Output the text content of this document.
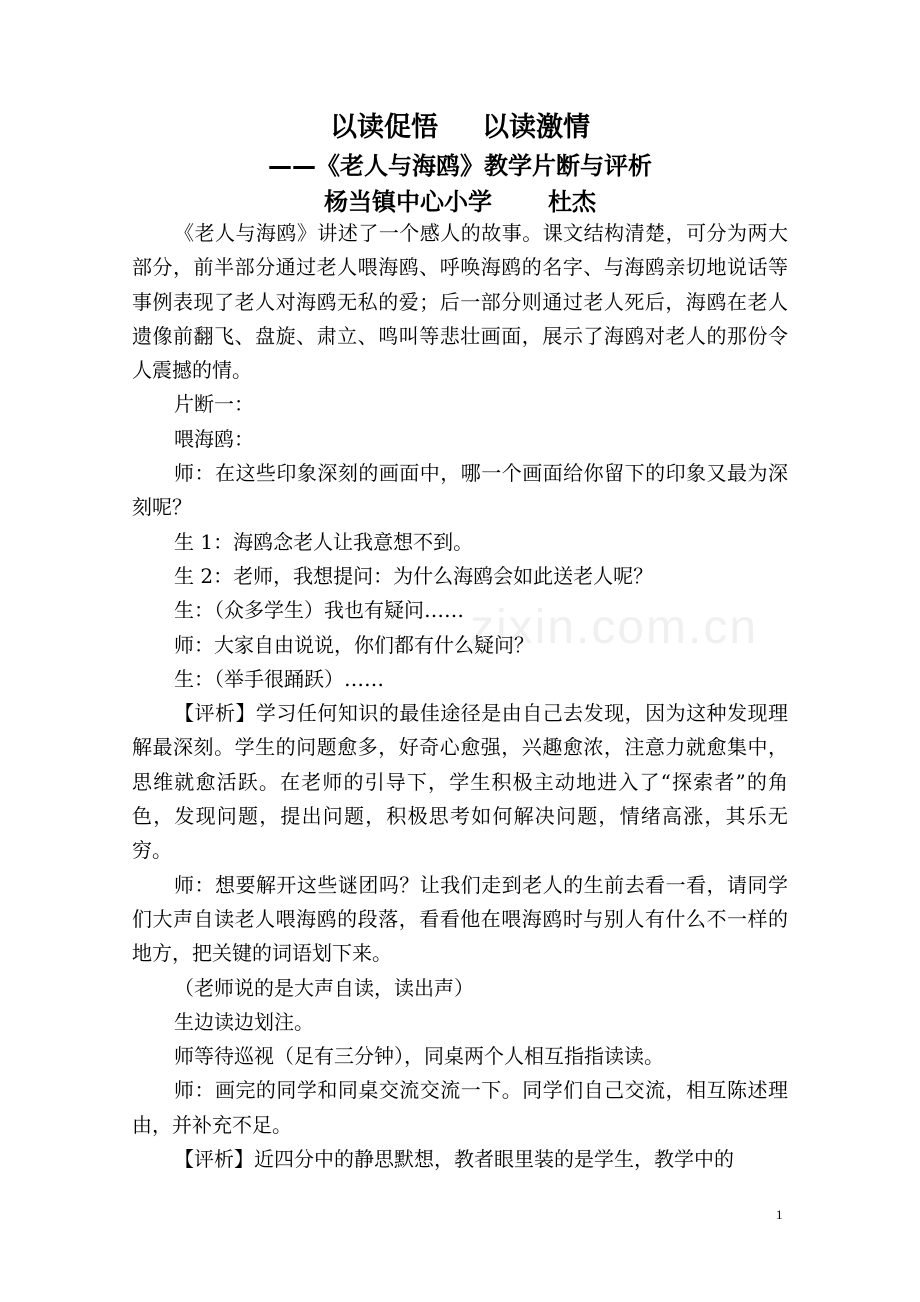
以读促悟 以读激情
——《老人与海鸥》教学片断与评析
杨当镇中心小学 杜杰

《老人与海鸥》讲述了一个感人的故事。课文结构清楚，可分为两大部分，前半部分通过老人喂海鸥、呼唤海鸥的名字、与海鸥亲切地说话等事例表现了老人对海鸥无私的爱；后一部分则通过老人死后，海鸥在老人遗像前翻飞、盘旋、肃立、鸣叫等悲壮画面，展示了海鸥对老人的那份令人震撼的情。

片断一：

喂海鸥：

师：在这些印象深刻的画面中，哪一个画面给你留下的印象又最为深刻呢？

生 1：海鸥念老人让我意想不到。

生 2：老师，我想提问：为什么海鸥会如此送老人呢？

生：（众多学生）我也有疑问……

师：大家自由说说，你们都有什么疑问？

生：（举手很踊跃）……

【评析】学习任何知识的最佳途径是由自己去发现，因为这种发现理解最深刻。学生的问题愈多，好奇心愈强，兴趣愈浓，注意力就愈集中，思维就愈活跃。在老师的引导下，学生积极主动地进入了“探索者”的角色，发现问题，提出问题，积极思考如何解决问题，情绪高涨，其乐无穷。

师：想要解开这些谜团吗？让我们走到老人的生前去看一看，请同学们大声自读老人喂海鸥的段落，看看他在喂海鸥时与别人有什么不一样的地方，把关键的词语划下来。

（老师说的是大声自读，读出声）

生边读边划注。

师等待巡视（足有三分钟），同桌两个人相互指指读读。

师：画完的同学和同桌交流交流一下。同学们自己交流，相互陈述理由，并补充不足。

【评析】近四分中的静思默想，教者眼里装的是学生，教学中的

zixin.com.cn
1
